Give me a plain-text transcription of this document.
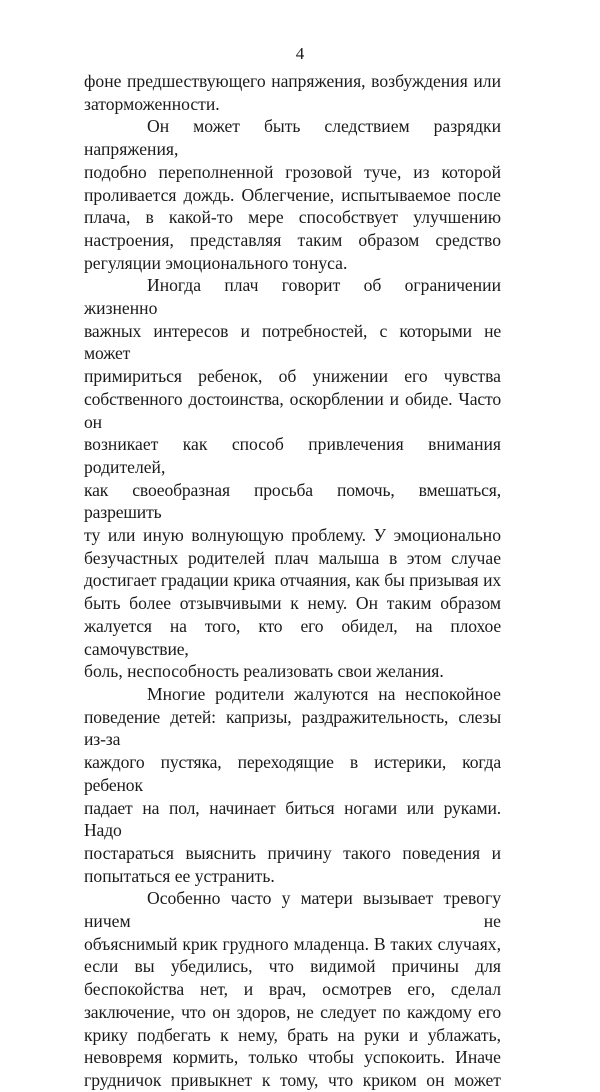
4

фоне предшествующего напряжения, возбуждения или

заторможенности.

Он может быть следствием разрядки напряжения,

подобно переполненной грозовой туче, из которой

проливается дождь. Облегчение, испытываемое после

плача, в какой-то мере способствует улучшению

настроения, представляя таким образом средство

регуляции эмоционального тонуса.

Иногда плач говорит об ограничении жизненно

важных интересов и потребностей, с которыми не может

примириться ребенок, об унижении его чувства

собственного достоинства, оскорблении и обиде. Часто он

возникает как способ привлечения внимания родителей,

как своеобразная просьба помочь, вмешаться, разрешить

ту или иную волнующую проблему. У эмоционально

безучастных родителей плач малыша в этом случае

достигает градации крика отчаяния, как бы призывая их

быть более отзывчивыми к нему. Он таким образом

жалуется на того, кто его обидел, на плохое самочувствие,

боль, неспособность реализовать свои желания.

Многие родители жалуются на неспокойное

поведение детей: капризы, раздражительность, слезы из-за

каждого пустяка, переходящие в истерики, когда ребенок

падает на пол, начинает биться ногами или руками. Надо

постараться выяснить причину такого поведения и

попытаться ее устранить.

Особенно часто у матери вызывает тревогу ничем не

объяснимый крик грудного младенца. В таких случаях,

если вы убедились, что видимой причины для

беспокойства нет, и врач, осмотрев его, сделал

заключение, что он здоров, не следует по каждому его

крику подбегать к нему, брать на руки и ублажать,

невовремя кормить, только чтобы успокоить. Иначе

грудничок привыкнет к тому, что криком он может
